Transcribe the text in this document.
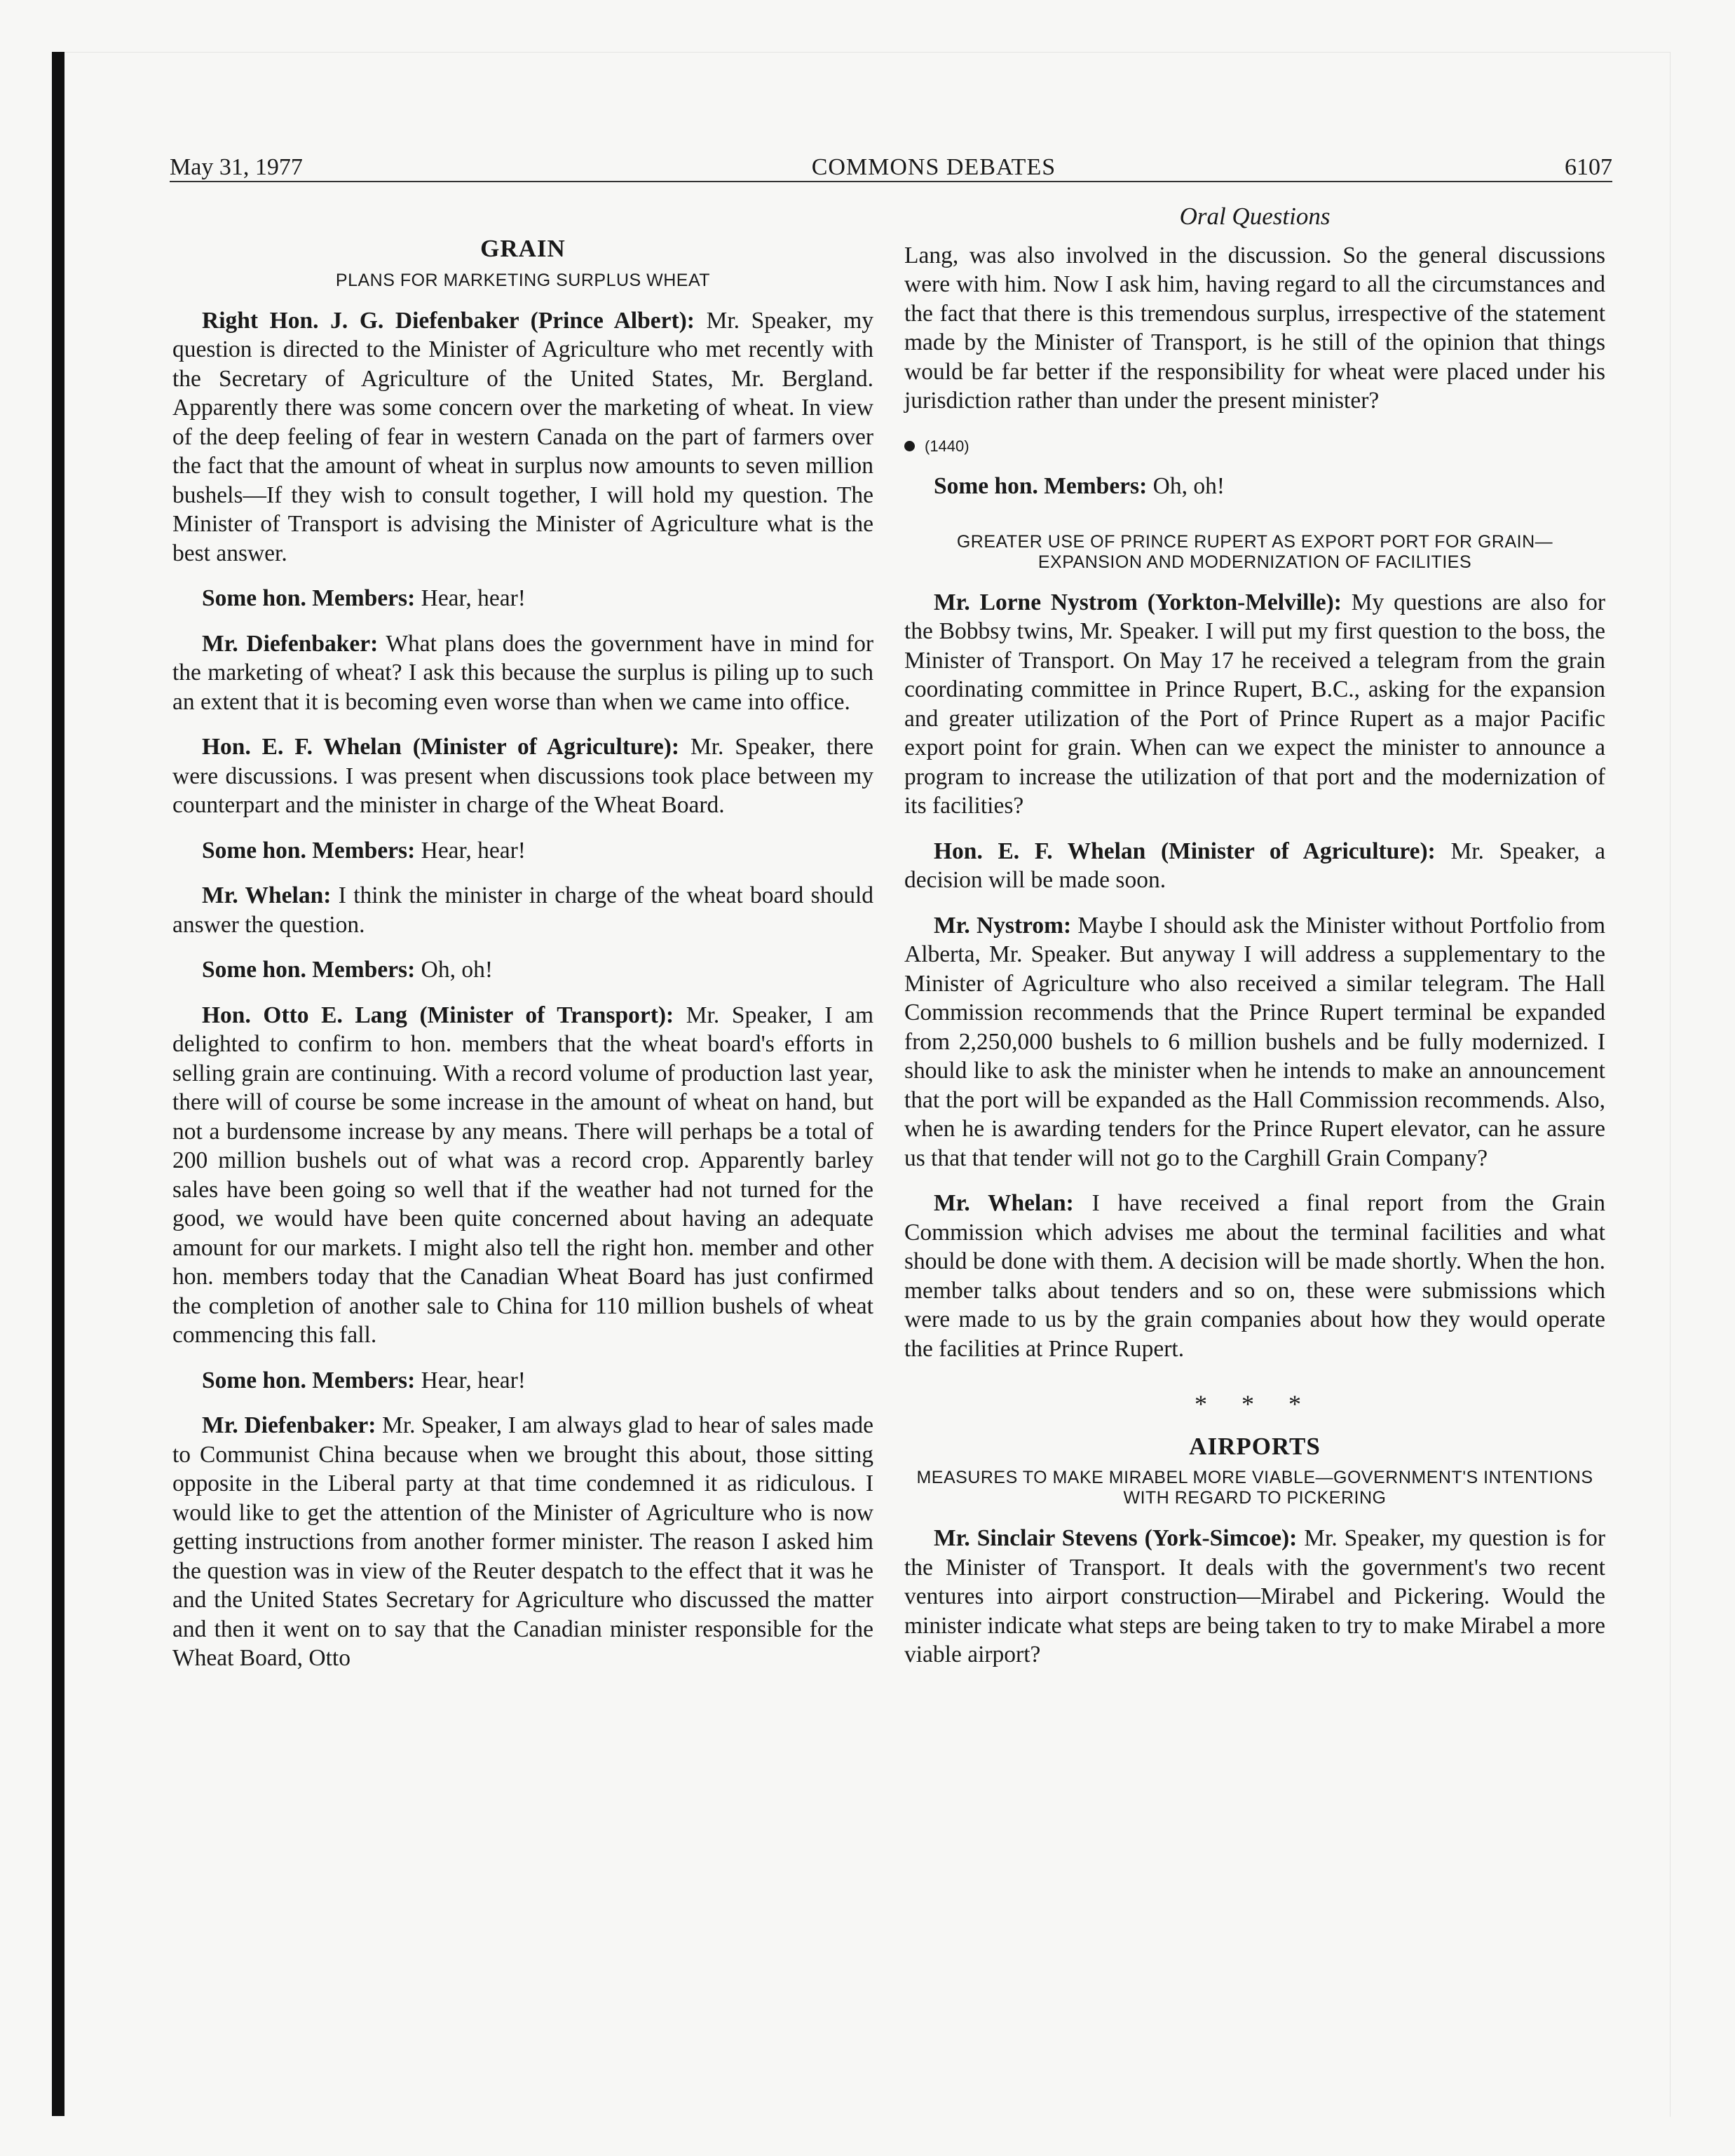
May 31, 1977	COMMONS DEBATES	6107
GRAIN
PLANS FOR MARKETING SURPLUS WHEAT

Right Hon. J. G. Diefenbaker (Prince Albert): Mr. Speaker, my question is directed to the Minister of Agriculture who met recently with the Secretary of Agriculture of the United States, Mr. Bergland. Apparently there was some concern over the marketing of wheat. In view of the deep feeling of fear in western Canada on the part of farmers over the fact that the amount of wheat in surplus now amounts to seven million bushels—If they wish to consult together, I will hold my question. The Minister of Transport is advising the Minister of Agriculture what is the best answer.

Some hon. Members: Hear, hear!

Mr. Diefenbaker: What plans does the government have in mind for the marketing of wheat? I ask this because the surplus is piling up to such an extent that it is becoming even worse than when we came into office.

Hon. E. F. Whelan (Minister of Agriculture): Mr. Speaker, there were discussions. I was present when discussions took place between my counterpart and the minister in charge of the Wheat Board.

Some hon. Members: Hear, hear!

Mr. Whelan: I think the minister in charge of the wheat board should answer the question.

Some hon. Members: Oh, oh!

Hon. Otto E. Lang (Minister of Transport): Mr. Speaker, I am delighted to confirm to hon. members that the wheat board's efforts in selling grain are continuing. With a record volume of production last year, there will of course be some increase in the amount of wheat on hand, but not a burdensome increase by any means. There will perhaps be a total of 200 million bushels out of what was a record crop. Apparently barley sales have been going so well that if the weather had not turned for the good, we would have been quite concerned about having an adequate amount for our markets. I might also tell the right hon. member and other hon. members today that the Canadian Wheat Board has just confirmed the completion of another sale to China for 110 million bushels of wheat commencing this fall.

Some hon. Members: Hear, hear!

Mr. Diefenbaker: Mr. Speaker, I am always glad to hear of sales made to Communist China because when we brought this about, those sitting opposite in the Liberal party at that time condemned it as ridiculous. I would like to get the attention of the Minister of Agriculture who is now getting instructions from another former minister. The reason I asked him the question was in view of the Reuter despatch to the effect that it was he and the United States Secretary for Agriculture who discussed the matter and then it went on to say that the Canadian minister responsible for the Wheat Board, Otto

Oral Questions

Lang, was also involved in the discussion. So the general discussions were with him. Now I ask him, having regard to all the circumstances and the fact that there is this tremendous surplus, irrespective of the statement made by the Minister of Transport, is he still of the opinion that things would be far better if the responsibility for wheat were placed under his jurisdiction rather than under the present minister?

(1440)

Some hon. Members: Oh, oh!

GREATER USE OF PRINCE RUPERT AS EXPORT PORT FOR GRAIN—EXPANSION AND MODERNIZATION OF FACILITIES

Mr. Lorne Nystrom (Yorkton-Melville): My questions are also for the Bobbsy twins, Mr. Speaker. I will put my first question to the boss, the Minister of Transport. On May 17 he received a telegram from the grain coordinating committee in Prince Rupert, B.C., asking for the expansion and greater utilization of the Port of Prince Rupert as a major Pacific export point for grain. When can we expect the minister to announce a program to increase the utilization of that port and the modernization of its facilities?

Hon. E. F. Whelan (Minister of Agriculture): Mr. Speaker, a decision will be made soon.

Mr. Nystrom: Maybe I should ask the Minister without Portfolio from Alberta, Mr. Speaker. But anyway I will address a supplementary to the Minister of Agriculture who also received a similar telegram. The Hall Commission recommends that the Prince Rupert terminal be expanded from 2,250,000 bushels to 6 million bushels and be fully modernized. I should like to ask the minister when he intends to make an announcement that the port will be expanded as the Hall Commission recommends. Also, when he is awarding tenders for the Prince Rupert elevator, can he assure us that that tender will not go to the Carghill Grain Company?

Mr. Whelan: I have received a final report from the Grain Commission which advises me about the terminal facilities and what should be done with them. A decision will be made shortly. When the hon. member talks about tenders and so on, these were submissions which were made to us by the grain companies about how they would operate the facilities at Prince Rupert.

* * *
AIRPORTS
MEASURES TO MAKE MIRABEL MORE VIABLE—GOVERNMENT'S INTENTIONS WITH REGARD TO PICKERING

Mr. Sinclair Stevens (York-Simcoe): Mr. Speaker, my question is for the Minister of Transport. It deals with the government's two recent ventures into airport construction—Mirabel and Pickering. Would the minister indicate what steps are being taken to try to make Mirabel a more viable airport?
